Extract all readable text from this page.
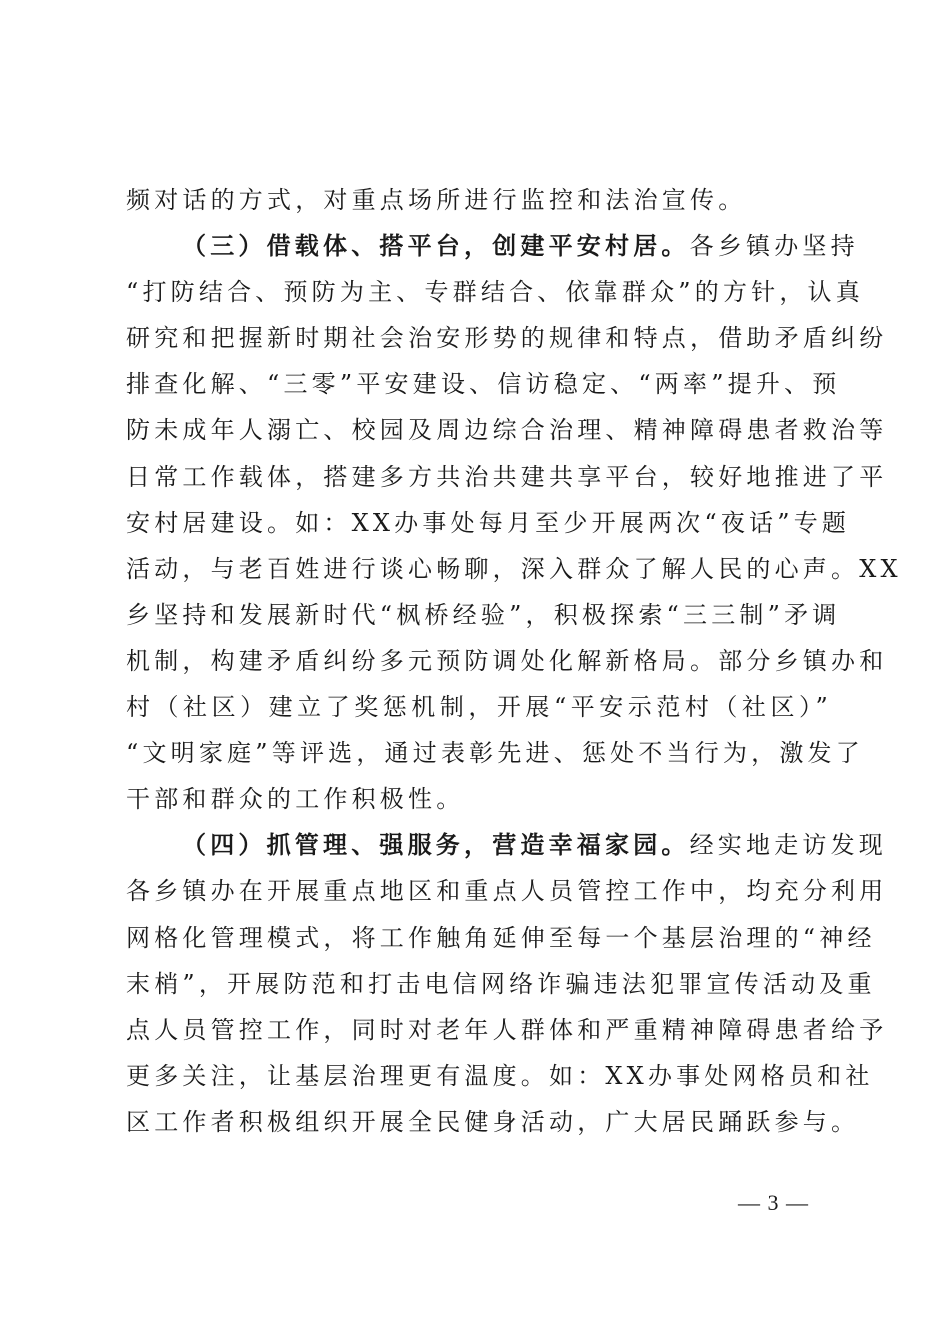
频对话的方式，对重点场所进行监控和法治宣传。
（三）借载体、搭平台，创建平安村居。各乡镇办坚持
“打防结合、预防为主、专群结合、依靠群众”的方针，认真
研究和把握新时期社会治安形势的规律和特点，借助矛盾纠纷
排查化解、“三零”平安建设、信访稳定、“两率”提升、预
防未成年人溺亡、校园及周边综合治理、精神障碍患者救治等
日常工作载体，搭建多方共治共建共享平台，较好地推进了平
安村居建设。如：XX办事处每月至少开展两次“夜话”专题
活动，与老百姓进行谈心畅聊，深入群众了解人民的心声。XX
乡坚持和发展新时代“枫桥经验”，积极探索“三三制”矛调
机制，构建矛盾纠纷多元预防调处化解新格局。部分乡镇办和
村（社区）建立了奖惩机制，开展“平安示范村（社区）”
“文明家庭”等评选，通过表彰先进、惩处不当行为，激发了
干部和群众的工作积极性。
（四）抓管理、强服务，营造幸福家园。经实地走访发现
各乡镇办在开展重点地区和重点人员管控工作中，均充分利用
网格化管理模式，将工作触角延伸至每一个基层治理的“神经
末梢”，开展防范和打击电信网络诈骗违法犯罪宣传活动及重
点人员管控工作，同时对老年人群体和严重精神障碍患者给予
更多关注，让基层治理更有温度。如：XX办事处网格员和社
区工作者积极组织开展全民健身活动，广大居民踊跃参与。
— 3 —
